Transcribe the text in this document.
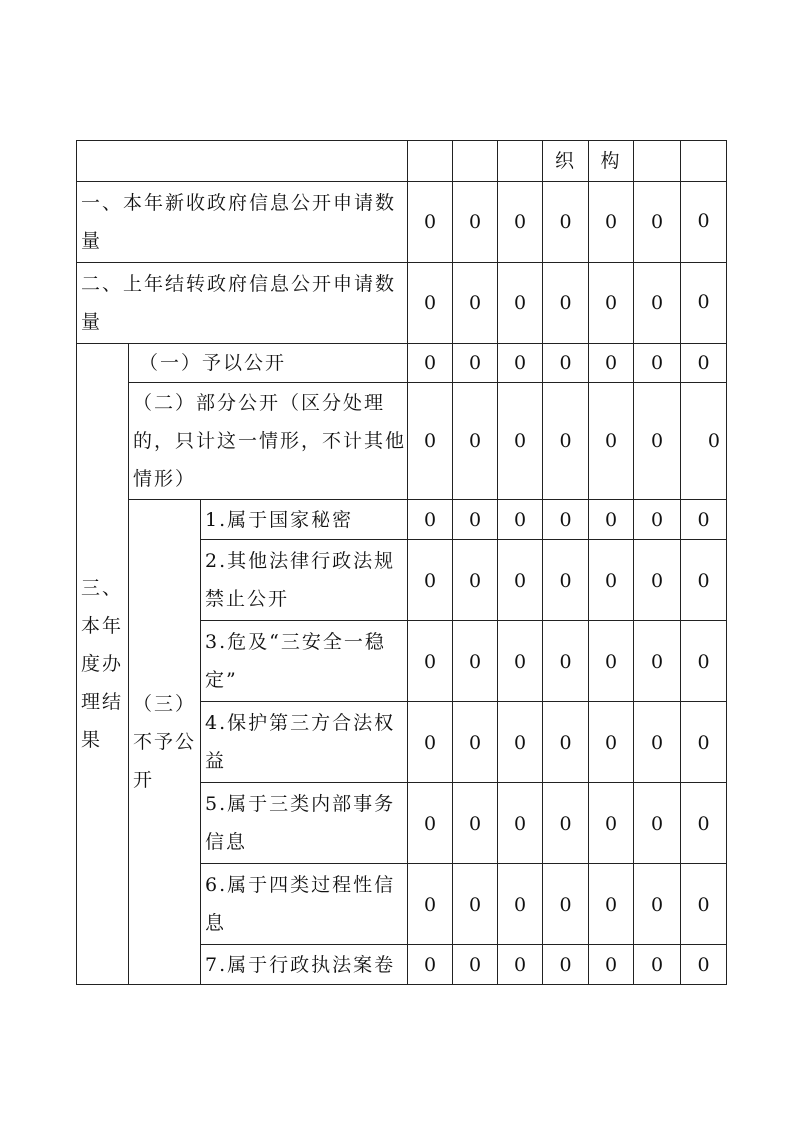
						织	构		
一、本年新收政府信息公开申请数量			0	0	0	0	0	0	0
二、上年结转政府信息公开申请数量			0	0	0	0	0	0	0
三、本年度办理结果	（一）予以公开		0	0	0	0	0	0	0
	（二）部分公开（区分处理的，只计这一情形，不计其他情形）		0	0	0	0	0	0	0
	（三）不予公开	1.属于国家秘密	0	0	0	0	0	0	0
		2.其他法律行政法规禁止公开	0	0	0	0	0	0	0
		3.危及“三安全一稳定”	0	0	0	0	0	0	0
		4.保护第三方合法权益	0	0	0	0	0	0	0
		5.属于三类内部事务信息	0	0	0	0	0	0	0
		6.属于四类过程性信息	0	0	0	0	0	0	0
		7.属于行政执法案卷	0	0	0	0	0	0	0
